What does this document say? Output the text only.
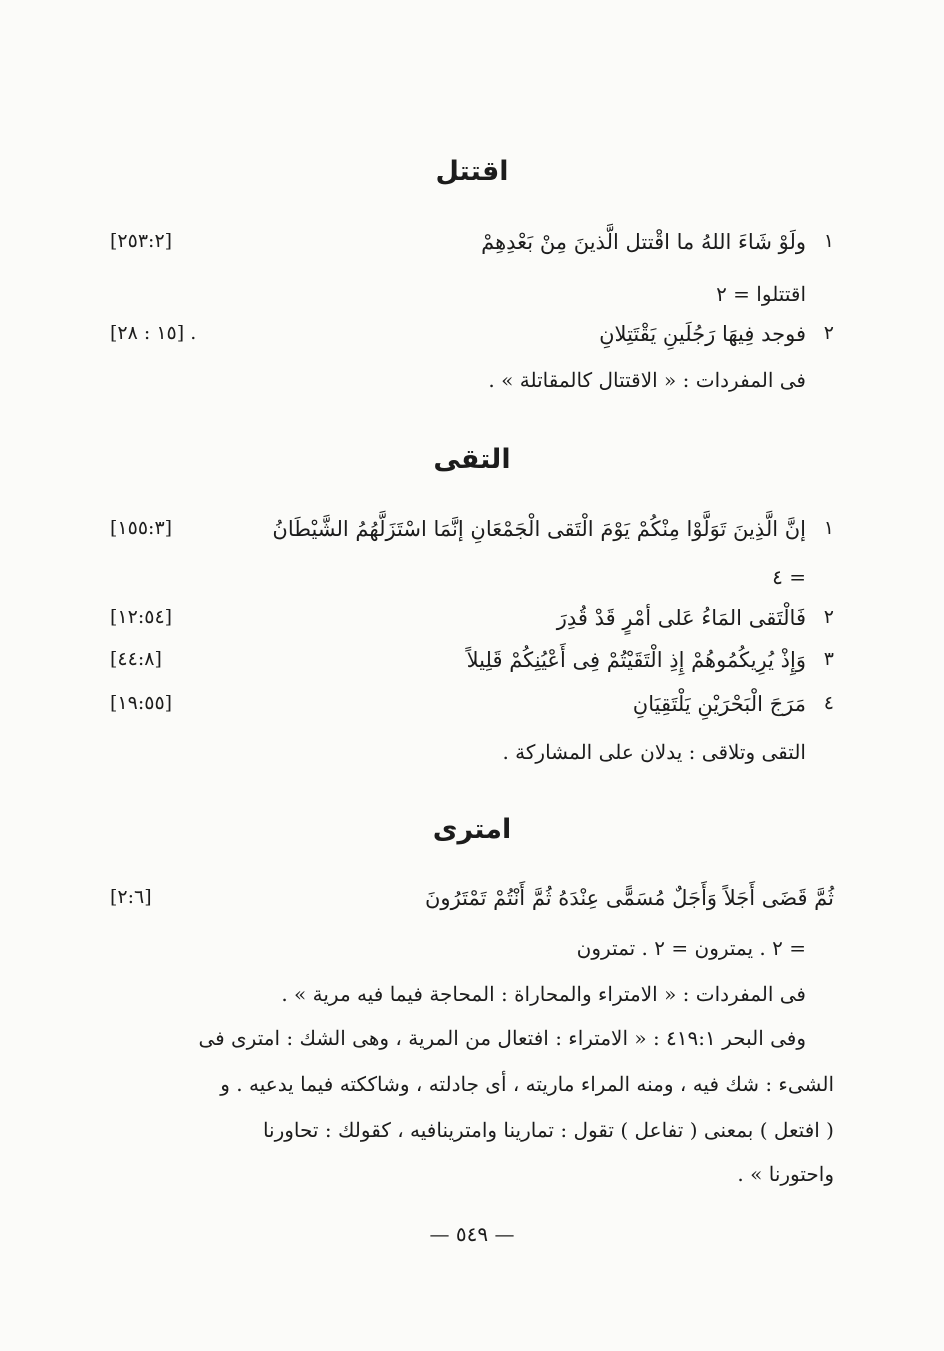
اقتتل
١
ولَوْ شَاءَ اللهُ ما اقْتتل الَّذينَ مِنْ بَعْدِهِمْ
[٢٥٣:٢]
اقتتلوا = ٢
٢
فوجد فِيهَا رَجُلَينِ يَقْتَتِلانِ
. [١٥ : ٢٨]
فى المفردات : « الاقتتال كالمقاتلة » .
التقى
١
إنَّ الَّذِينَ تَوَلَّوْا مِنْكُمْ يَوْمَ الْتَقى الْجَمْعَانِ إنَّمَا اسْتَزَلَّهُمُ الشَّيْطَانُ
[١٥٥:٣]
= ٤
٢
فَالْتَقى المَاءُ عَلى أمْرٍ قَدْ قُدِرَ
[١٢:٥٤]
٣
وَإِذْ يُرِيكُمُوهُمْ إِذِ الْتَقَيْتُمْ فِى أَعْيُنِكُمْ قَلِيلاً
[٤٤:٨]
٤
مَرَجَ الْبَحْرَيْنِ يَلْتَقِيَانِ
[١٩:٥٥]
التقى وتلاقى : يدلان على المشاركة .
امترى
ثُمَّ قَضَى أَجَلاً وَأَجَلٌ مُسَمًّى عِنْدَهُ ثُمَّ أَنْتُمْ تَمْتَرُونَ
[٢:٦]
= ٢ . يمترون = ٢ . تمترون
فى المفردات : « الامتراء والمحاراة : المحاجة فيما فيه مرية » .
وفى البحر ٤١٩:١ : « الامتراء : افتعال من المرية ، وهى الشك : امترى فى
الشىء : شك فيه ، ومنه المراء ماريته ، أى جادلته ، وشاككته فيما يدعيه . و
( افتعل ) بمعنى ( تفاعل ) تقول : تمارينا وامترينافيه ، كقولك : تحاورنا
واحتورنا » .
— ٥٤٩ —
